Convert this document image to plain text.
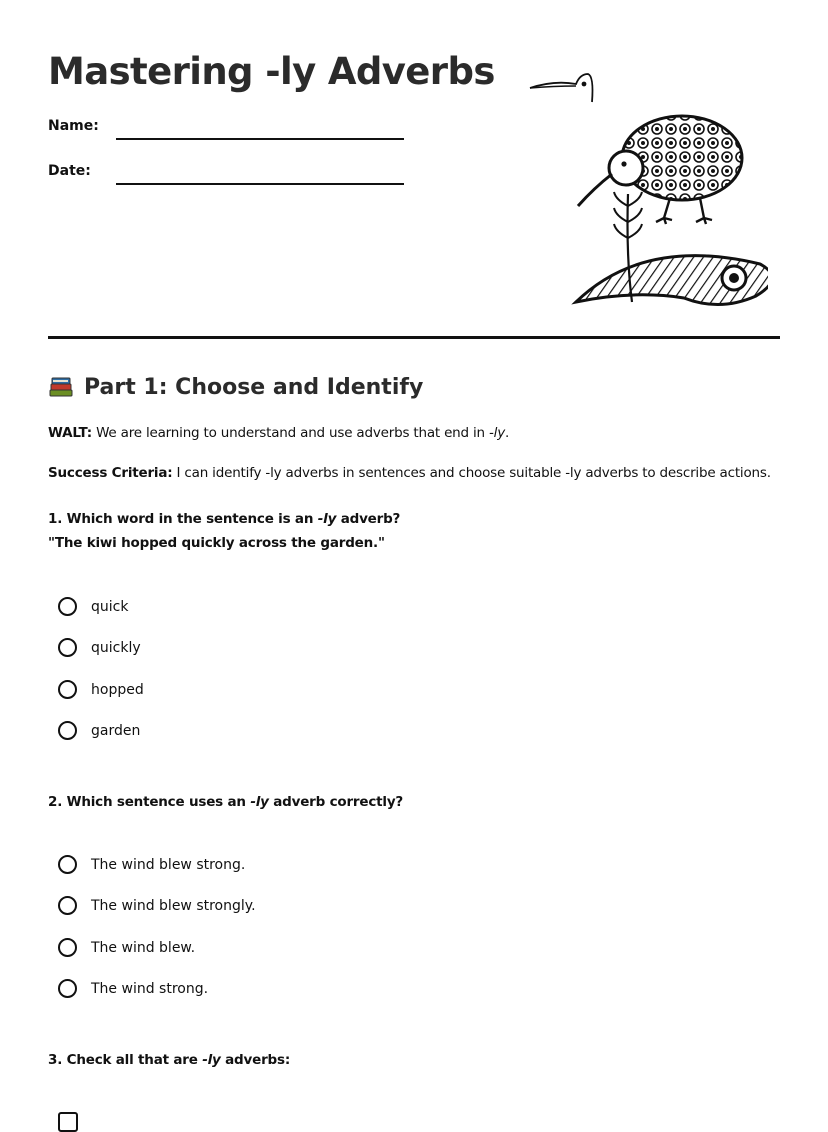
Mastering -ly Adverbs
Name:
Date:
Part 1: Choose and Identify
WALT: We are learning to understand and use adverbs that end in -ly.
Success Criteria: I can identify -ly adverbs in sentences and choose suitable -ly adverbs to describe actions.
1. Which word in the sentence is an -ly adverb?
"The kiwi hopped quickly across the garden."
quick
quickly
hopped
garden
2. Which sentence uses an -ly adverb correctly?
The wind blew strong.
The wind blew strongly.
The wind blew.
The wind strong.
3. Check all that are -ly adverbs:
